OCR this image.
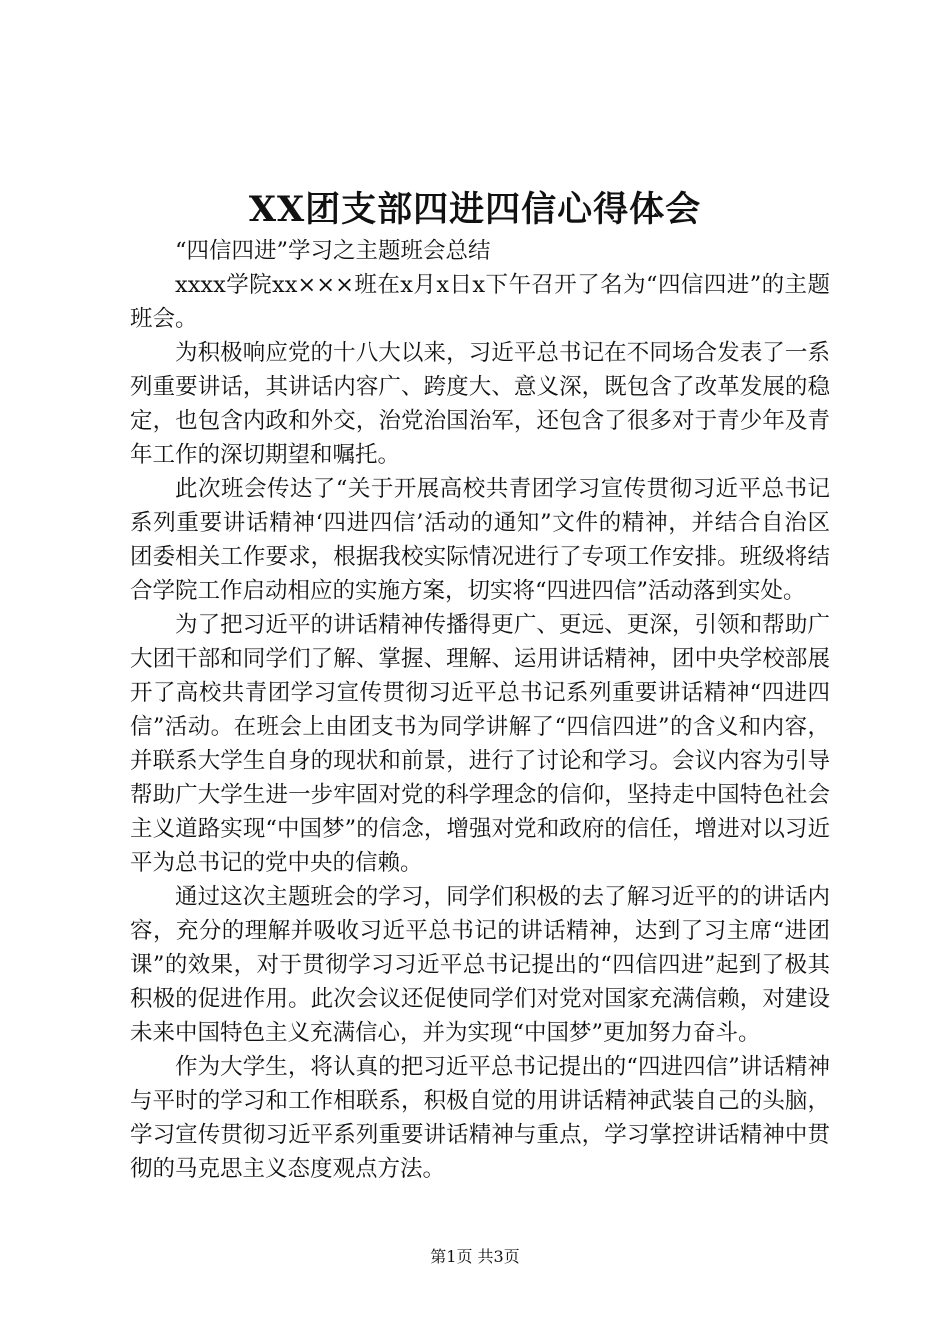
XX团支部四进四信心得体会

“四信四进”学习之主题班会总结

xxxx学院xx×××班在x月x日x下午召开了名为“四信四进”的主题班会。

为积极响应党的十八大以来，习近平总书记在不同场合发表了一系列重要讲话，其讲话内容广、跨度大、意义深，既包含了改革发展的稳定，也包含内政和外交，治党治国治军，还包含了很多对于青少年及青年工作的深切期望和嘱托。

此次班会传达了“关于开展高校共青团学习宣传贯彻习近平总书记系列重要讲话精神‘四进四信’活动的通知”文件的精神，并结合自治区团委相关工作要求，根据我校实际情况进行了专项工作安排。班级将结合学院工作启动相应的实施方案，切实将“四进四信”活动落到实处。

为了把习近平的讲话精神传播得更广、更远、更深，引领和帮助广大团干部和同学们了解、掌握、理解、运用讲话精神，团中央学校部展开了高校共青团学习宣传贯彻习近平总书记系列重要讲话精神“四进四信”活动。在班会上由团支书为同学讲解了“四信四进”的含义和内容，并联系大学生自身的现状和前景，进行了讨论和学习。会议内容为引导帮助广大学生进一步牢固对党的科学理念的信仰，坚持走中国特色社会主义道路实现“中国梦”的信念，增强对党和政府的信任，增进对以习近平为总书记的党中央的信赖。

通过这次主题班会的学习，同学们积极的去了解习近平的的讲话内容，充分的理解并吸收习近平总书记的讲话精神，达到了习主席“进团课”的效果，对于贯彻学习习近平总书记提出的“四信四进”起到了极其积极的促进作用。此次会议还促使同学们对党对国家充满信赖，对建设未来中国特色主义充满信心，并为实现“中国梦”更加努力奋斗。

作为大学生，将认真的把习近平总书记提出的“四进四信”讲话精神与平时的学习和工作相联系，积极自觉的用讲话精神武装自己的头脑，学习宣传贯彻习近平系列重要讲话精神与重点，学习掌控讲话精神中贯彻的马克思主义态度观点方法。

第1页 共3页
